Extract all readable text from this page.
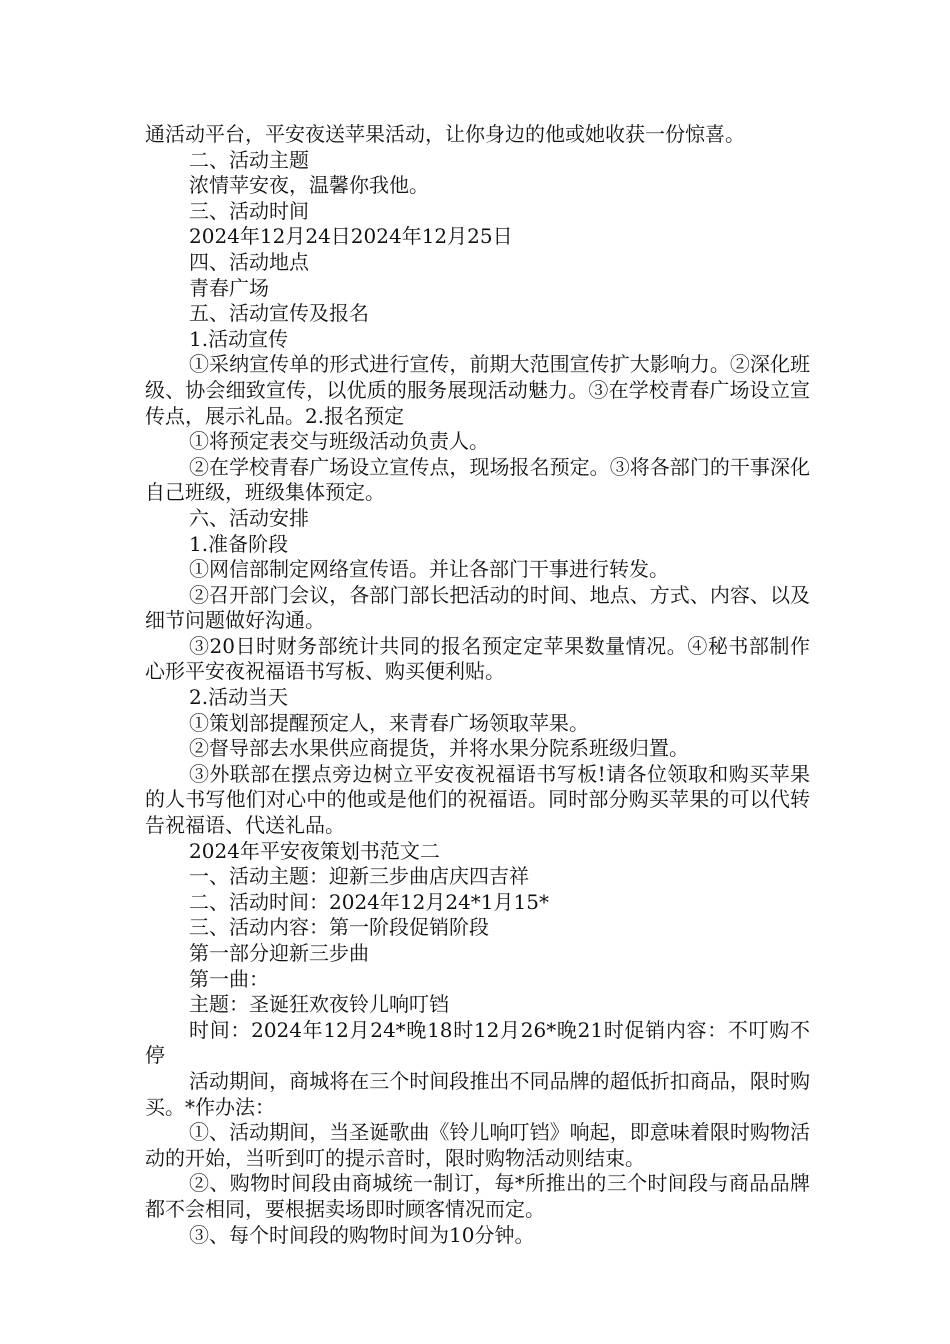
通活动平台，平安夜送苹果活动，让你身边的他或她收获一份惊喜。

二、活动主题

浓情苹安夜，温馨你我他。

三、活动时间

2024年12月24日2024年12月25日

四、活动地点

青春广场

五、活动宣传及报名

1.活动宣传

①采纳宣传单的形式进行宣传，前期大范围宣传扩大影响力。②深化班级、协会细致宣传，以优质的服务展现活动魅力。③在学校青春广场设立宣传点，展示礼品。2.报名预定

①将预定表交与班级活动负责人。

②在学校青春广场设立宣传点，现场报名预定。③将各部门的干事深化自己班级，班级集体预定。

六、活动安排

1.准备阶段

①网信部制定网络宣传语。并让各部门干事进行转发。

②召开部门会议，各部门部长把活动的时间、地点、方式、内容、以及细节问题做好沟通。

③20日时财务部统计共同的报名预定定苹果数量情况。④秘书部制作心形平安夜祝福语书写板、购买便利贴。

2.活动当天

①策划部提醒预定人，来青春广场领取苹果。

②督导部去水果供应商提货，并将水果分院系班级归置。

③外联部在摆点旁边树立平安夜祝福语书写板!请各位领取和购买苹果的人书写他们对心中的他或是他们的祝福语。同时部分购买苹果的可以代转告祝福语、代送礼品。

2024年平安夜策划书范文二

一、活动主题：迎新三步曲店庆四吉祥

二、活动时间：2024年12月24*1月15*

三、活动内容：第一阶段促销阶段

第一部分迎新三步曲

第一曲：

主题：圣诞狂欢夜铃儿响叮铛

时间：2024年12月24*晚18时12月26*晚21时促销内容：不叮购不停

活动期间，商城将在三个时间段推出不同品牌的超低折扣商品，限时购买。*作办法：

①、活动期间，当圣诞歌曲《铃儿响叮铛》响起，即意味着限时购物活动的开始，当听到叮的提示音时，限时购物活动则结束。

②、购物时间段由商城统一制订，每*所推出的三个时间段与商品品牌都不会相同，要根据卖场即时顾客情况而定。

③、每个时间段的购物时间为10分钟。
